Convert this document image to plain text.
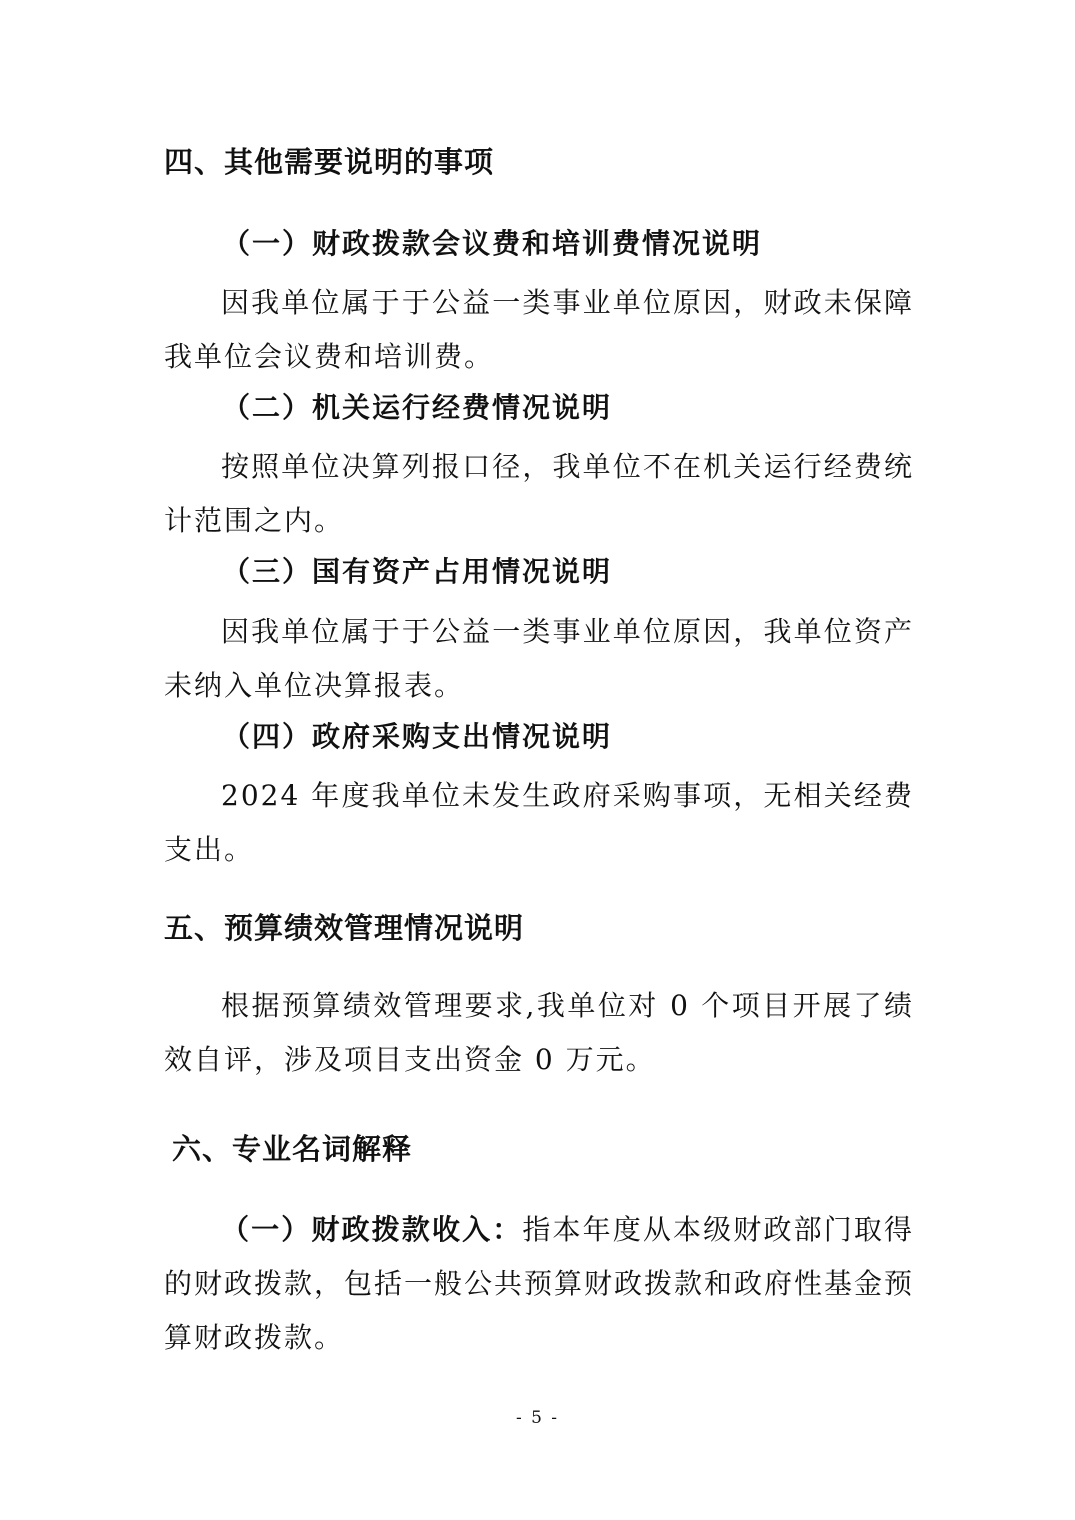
四、其他需要说明的事项
（一）财政拨款会议费和培训费情况说明

因我单位属于于公益一类事业单位原因，财政未保障我单位会议费和培训费。

（二）机关运行经费情况说明

按照单位决算列报口径，我单位不在机关运行经费统计范围之内。

（三）国有资产占用情况说明

因我单位属于于公益一类事业单位原因，我单位资产未纳入单位决算报表。

（四）政府采购支出情况说明

2024 年度我单位未发生政府采购事项，无相关经费支出。

五、预算绩效管理情况说明

根据预算绩效管理要求,我单位对 0 个项目开展了绩效自评，涉及项目支出资金 0 万元。

六、专业名词解释

（一）财政拨款收入：指本年度从本级财政部门取得的财政拨款，包括一般公共预算财政拨款和政府性基金预算财政拨款。

- 5 -
